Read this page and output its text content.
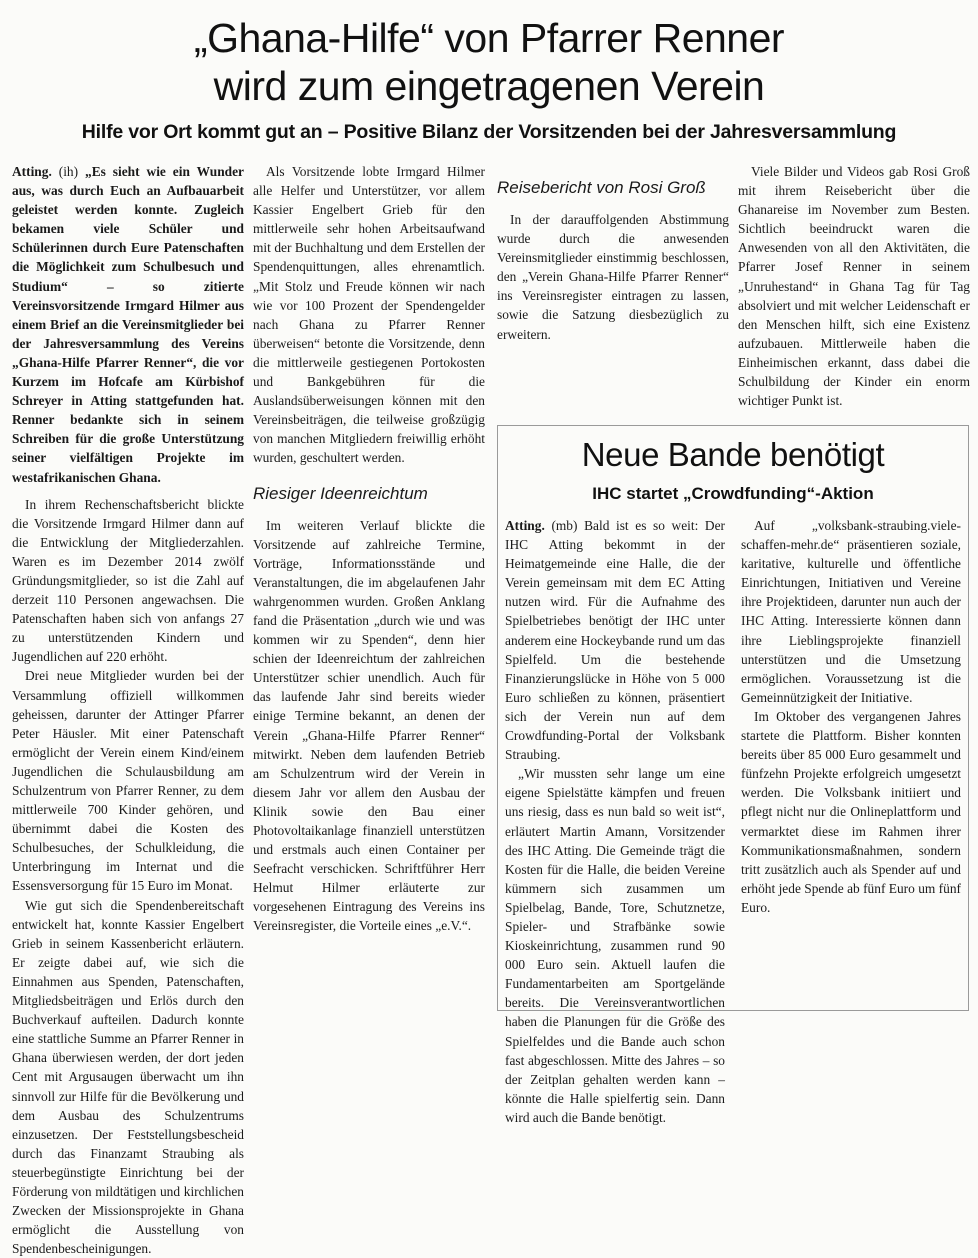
„Ghana-Hilfe“ von Pfarrer Renner
wird zum eingetragenen Verein
Hilfe vor Ort kommt gut an – Positive Bilanz der Vorsitzenden bei der Jahresversammlung

Atting. (ih) „Es sieht wie ein Wunder aus, was durch Euch an Aufbauarbeit geleistet werden konnte. Zugleich bekamen viele Schüler und Schülerinnen durch Eure Patenschaften die Möglichkeit zum Schulbesuch und Studium“ – so zitierte Vereinsvorsitzende Irmgard Hilmer aus einem Brief an die Vereinsmitglieder bei der Jahresversammlung des Vereins „Ghana-Hilfe Pfarrer Renner“, die vor Kurzem im Hofcafe am Kürbishof Schreyer in Atting stattgefunden hat. Renner bedankte sich in seinem Schreiben für die große Unterstützung seiner vielfältigen Projekte im westafrikanischen Ghana.

In ihrem Rechenschaftsbericht blickte die Vorsitzende Irmgard Hilmer dann auf die Entwicklung der Mitgliederzahlen. Waren es im Dezember 2014 zwölf Gründungsmitglieder, so ist die Zahl auf derzeit 110 Personen angewachsen. Die Patenschaften haben sich von anfangs 27 zu unterstützenden Kindern und Jugendlichen auf 220 erhöht.

Drei neue Mitglieder wurden bei der Versammlung offiziell willkommen geheissen, darunter der Attinger Pfarrer Peter Häusler. Mit einer Patenschaft ermöglicht der Verein einem Kind/einem Jugendlichen die Schulausbildung am Schulzentrum von Pfarrer Renner, zu dem mittlerweile 700 Kinder gehören, und übernimmt dabei die Kosten des Schulbesuches, der Schulkleidung, die Unterbringung im Internat und die Essensversorgung für 15 Euro im Monat.

Wie gut sich die Spendenbereitschaft entwickelt hat, konnte Kassier Engelbert Grieb in seinem Kassenbericht erläutern. Er zeigte dabei auf, wie sich die Einnahmen aus Spenden, Patenschaften, Mitgliedsbeiträgen und Erlös durch den Buchverkauf aufteilen. Dadurch konnte eine stattliche Summe an Pfarrer Renner in Ghana überwiesen werden, der dort jeden Cent mit Argusaugen überwacht um ihn sinnvoll zur Hilfe für die Bevölkerung und dem Ausbau des Schulzentrums einzusetzen. Der Feststellungsbescheid durch das Finanzamt Straubing als steuerbegünstigte Einrichtung bei der Förderung von mildtätigen und kirchlichen Zwecken der Missionsprojekte in Ghana ermöglicht die Ausstellung von Spendenbescheinigungen.

Als Vorsitzende lobte Irmgard Hilmer alle Helfer und Unterstützer, vor allem Kassier Engelbert Grieb für den mittlerweile sehr hohen Arbeitsaufwand mit der Buchhaltung und dem Erstellen der Spendenquittungen, alles ehrenamtlich. „Mit Stolz und Freude können wir nach wie vor 100 Prozent der Spendengelder nach Ghana zu Pfarrer Renner überweisen“ betonte die Vorsitzende, denn die mittlerweile gestiegenen Portokosten und Bankgebühren für die Auslandsüberweisungen können mit den Vereinsbeiträgen, die teilweise großzügig von manchen Mitgliedern freiwillig erhöht wurden, geschultert werden.

Riesiger Ideenreichtum

Im weiteren Verlauf blickte die Vorsitzende auf zahlreiche Termine, Vorträge, Informationsstände und Veranstaltungen, die im abgelaufenen Jahr wahrgenommen wurden. Großen Anklang fand die Präsentation „durch wie und was kommen wir zu Spenden“, denn hier schien der Ideenreichtum der zahlreichen Unterstützer schier unendlich. Auch für das laufende Jahr sind bereits wieder einige Termine bekannt, an denen der Verein „Ghana-Hilfe Pfarrer Renner“ mitwirkt. Neben dem laufenden Betrieb am Schulzentrum wird der Verein in diesem Jahr vor allem den Ausbau der Klinik sowie den Bau einer Photovoltaikanlage finanziell unterstützen und erstmals auch einen Container per Seefracht verschicken. Schriftführer Herr Helmut Hilmer erläuterte zur vorgesehenen Eintragung des Vereins ins Vereinsregister, die Vorteile eines „e.V.“.

Reisebericht von Rosi Groß

In der darauffolgenden Abstimmung wurde durch die anwesenden Vereinsmitglieder einstimmig beschlossen, den „Verein Ghana-Hilfe Pfarrer Renner“ ins Vereinsregister eintragen zu lassen, sowie die Satzung diesbezüglich zu erweitern.

Viele Bilder und Videos gab Rosi Groß mit ihrem Reisebericht über die Ghanareise im November zum Besten. Sichtlich beeindruckt waren die Anwesenden von all den Aktivitäten, die Pfarrer Josef Renner in seinem „Unruhestand“ in Ghana Tag für Tag absolviert und mit welcher Leidenschaft er den Menschen hilft, sich eine Existenz aufzubauen. Mittlerweile haben die Einheimischen erkannt, dass dabei die Schulbildung der Kinder ein enorm wichtiger Punkt ist.

Neue Bande benötigt
IHC startet „Crowdfunding“-Aktion

Atting. (mb) Bald ist es so weit: Der IHC Atting bekommt in der Heimatgemeinde eine Halle, die der Verein gemeinsam mit dem EC Atting nutzen wird. Für die Aufnahme des Spielbetriebes benötigt der IHC unter anderem eine Hockeybande rund um das Spielfeld. Um die bestehende Finanzierungslücke in Höhe von 5 000 Euro schließen zu können, präsentiert sich der Verein nun auf dem Crowdfunding-Portal der Volksbank Straubing.

„Wir mussten sehr lange um eine eigene Spielstätte kämpfen und freuen uns riesig, dass es nun bald so weit ist“, erläutert Martin Amann, Vorsitzender des IHC Atting. Die Gemeinde trägt die Kosten für die Halle, die beiden Vereine kümmern sich zusammen um Spielbelag, Bande, Tore, Schutznetze, Spieler- und Strafbänke sowie Kioskeinrichtung, zusammen rund 90 000 Euro sein. Aktuell laufen die Fundamentarbeiten am Sportgelände bereits. Die Vereinsverantwortlichen haben die Planungen für die Größe des Spielfeldes und die Bande auch schon fast abgeschlossen. Mitte des Jahres – so der Zeitplan gehalten werden kann – könnte die Halle spielfertig sein. Dann wird auch die Bande benötigt.

Auf „volksbank-straubing.viele-schaffen-mehr.de“ präsentieren soziale, karitative, kulturelle und öffentliche Einrichtungen, Initiativen und Vereine ihre Projektideen, darunter nun auch der IHC Atting. Interessierte können dann ihre Lieblingsprojekte finanziell unterstützen und die Umsetzung ermöglichen. Voraussetzung ist die Gemeinnützigkeit der Initiative.

Im Oktober des vergangenen Jahres startete die Plattform. Bisher konnten bereits über 85 000 Euro gesammelt und fünfzehn Projekte erfolgreich umgesetzt werden. Die Volksbank initiiert und pflegt nicht nur die Onlineplattform und vermarktet diese im Rahmen ihrer Kommunikationsmaßnahmen, sondern tritt zusätzlich auch als Spender auf und erhöht jede Spende ab fünf Euro um fünf Euro.
